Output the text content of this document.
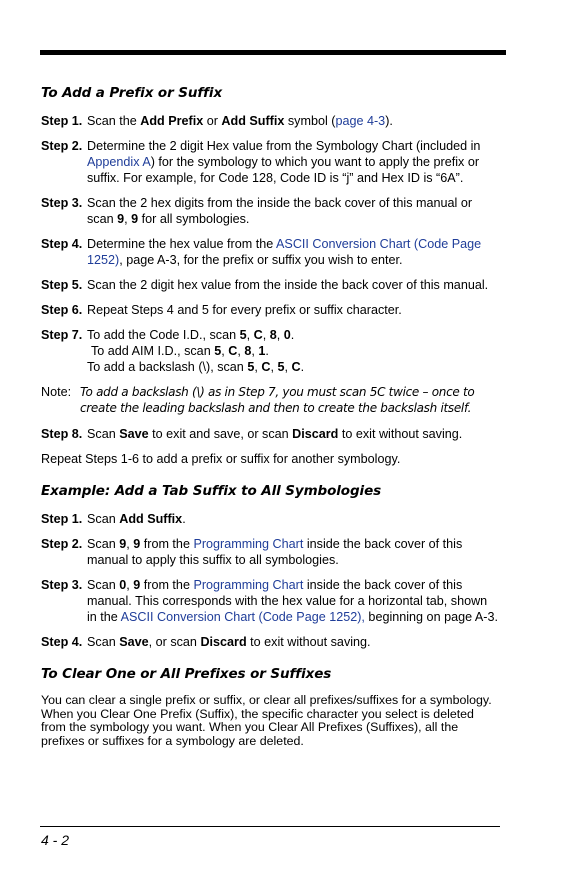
To Add a Prefix or Suffix
Step 1. Scan the Add Prefix or Add Suffix symbol (page 4-3).
Step 2. Determine the 2 digit Hex value from the Symbology Chart (included in Appendix A) for the symbology to which you want to apply the prefix or suffix. For example, for Code 128, Code ID is “j” and Hex ID is “6A”.
Step 3. Scan the 2 hex digits from the inside the back cover of this manual or scan 9, 9 for all symbologies.
Step 4. Determine the hex value from the ASCII Conversion Chart (Code Page 1252), page A-3, for the prefix or suffix you wish to enter.
Step 5. Scan the 2 digit hex value from the inside the back cover of this manual.
Step 6. Repeat Steps 4 and 5 for every prefix or suffix character.
Step 7. To add the Code I.D., scan 5, C, 8, 0.
To add AIM I.D., scan 5, C, 8, 1.
To add a backslash (\), scan 5, C, 5, C.
Note: To add a backslash (\) as in Step 7, you must scan 5C twice – once to create the leading backslash and then to create the backslash itself.
Step 8. Scan Save to exit and save, or scan Discard to exit without saving.
Repeat Steps 1-6 to add a prefix or suffix for another symbology.
Example: Add a Tab Suffix to All Symbologies
Step 1. Scan Add Suffix.
Step 2. Scan 9, 9 from the Programming Chart inside the back cover of this manual to apply this suffix to all symbologies.
Step 3. Scan 0, 9 from the Programming Chart inside the back cover of this manual. This corresponds with the hex value for a horizontal tab, shown in the ASCII Conversion Chart (Code Page 1252), beginning on page A-3.
Step 4. Scan Save, or scan Discard to exit without saving.
To Clear One or All Prefixes or Suffixes
You can clear a single prefix or suffix, or clear all prefixes/suffixes for a symbology. When you Clear One Prefix (Suffix), the specific character you select is deleted from the symbology you want. When you Clear All Prefixes (Suffixes), all the prefixes or suffixes for a symbology are deleted.
4 - 2
